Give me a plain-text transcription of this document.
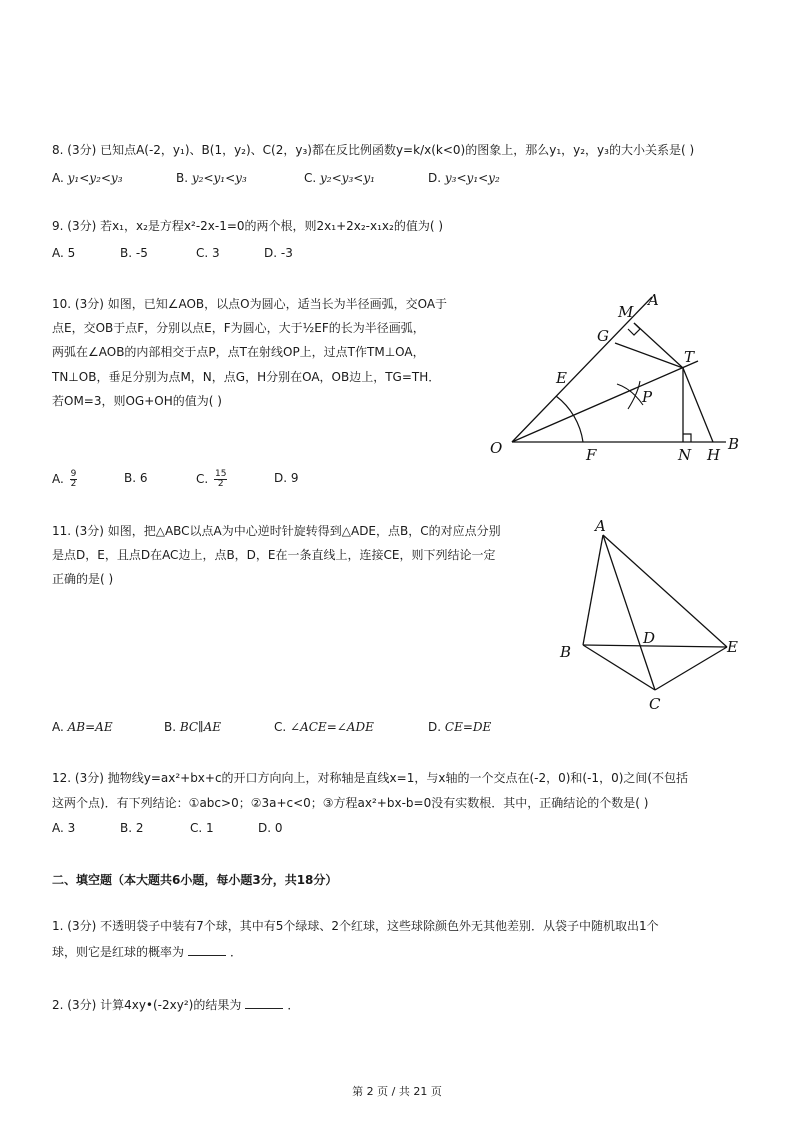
8. (3分) 已知点A(-2，y₁)、B(1，y₂)、C(2，y₃)都在反比例函数y=k/x(k<0)的图象上，那么y₁，y₂，y₃的大小关系是( )
A. y₁<y₂<y₃	B. y₂<y₁<y₃	C. y₂<y₃<y₁	D. y₃<y₁<y₂
9. (3分) 若x₁，x₂是方程x²-2x-1=0的两个根，则2x₁+2x₂-x₁x₂的值为( )
A. 5	B. -5	C. 3	D. -3
10. (3分) 如图，已知∠AOB，以点O为圆心，适当长为半径画弧，交OA于
点E，交OB于点F，分别以点E，F为圆心，大于½EF的长为半径画弧，
两弧在∠AOB的内部相交于点P，点T在射线OP上，过点T作TM⊥OA，
TN⊥OB，垂足分别为点M，N，点G，H分别在OA，OB边上，TG=TH．
若OM=3，则OG+OH的值为( )
O
M
A
G
T
E
P
F	N H
B
A. $\frac{9}{2}$	B. 6	C. $\frac{15}{2}$	D. 9
11. (3分) 如图，把△ABC以点A为中心逆时针旋转得到△ADE，点B，C的对应点分别
是点D，E，且点D在AC边上，点B，D，E在一条直线上，连接CE，则下列结论一定
正确的是( )
A
B
D	E
C
A. AB=AE	B. BC∥AE	C. ∠ACE=∠ADE	D. CE=DE
12. (3分) 抛物线y=ax²+bx+c的开口方向向上，对称轴是直线x=1，与x轴的一个交点在(-2，0)和(-1，0)之间(不包括
这两个点)．有下列结论：①abc>0；②3a+c<0；③方程ax²+bx-b=0没有实数根．其中，正确结论的个数是( )
A. 3	B. 2	C. 1	D. 0
二、填空题（本大题共6小题，每小题3分，共18分）
1. (3分) 不透明袋子中装有7个球，其中有5个绿球、2个红球，这些球除颜色外无其他差别．从袋子中随机取出1个
球，则它是红球的概率为	．
2. (3分) 计算4xy•(-2xy²)的结果为	．
第 2 页 / 共 21 页
